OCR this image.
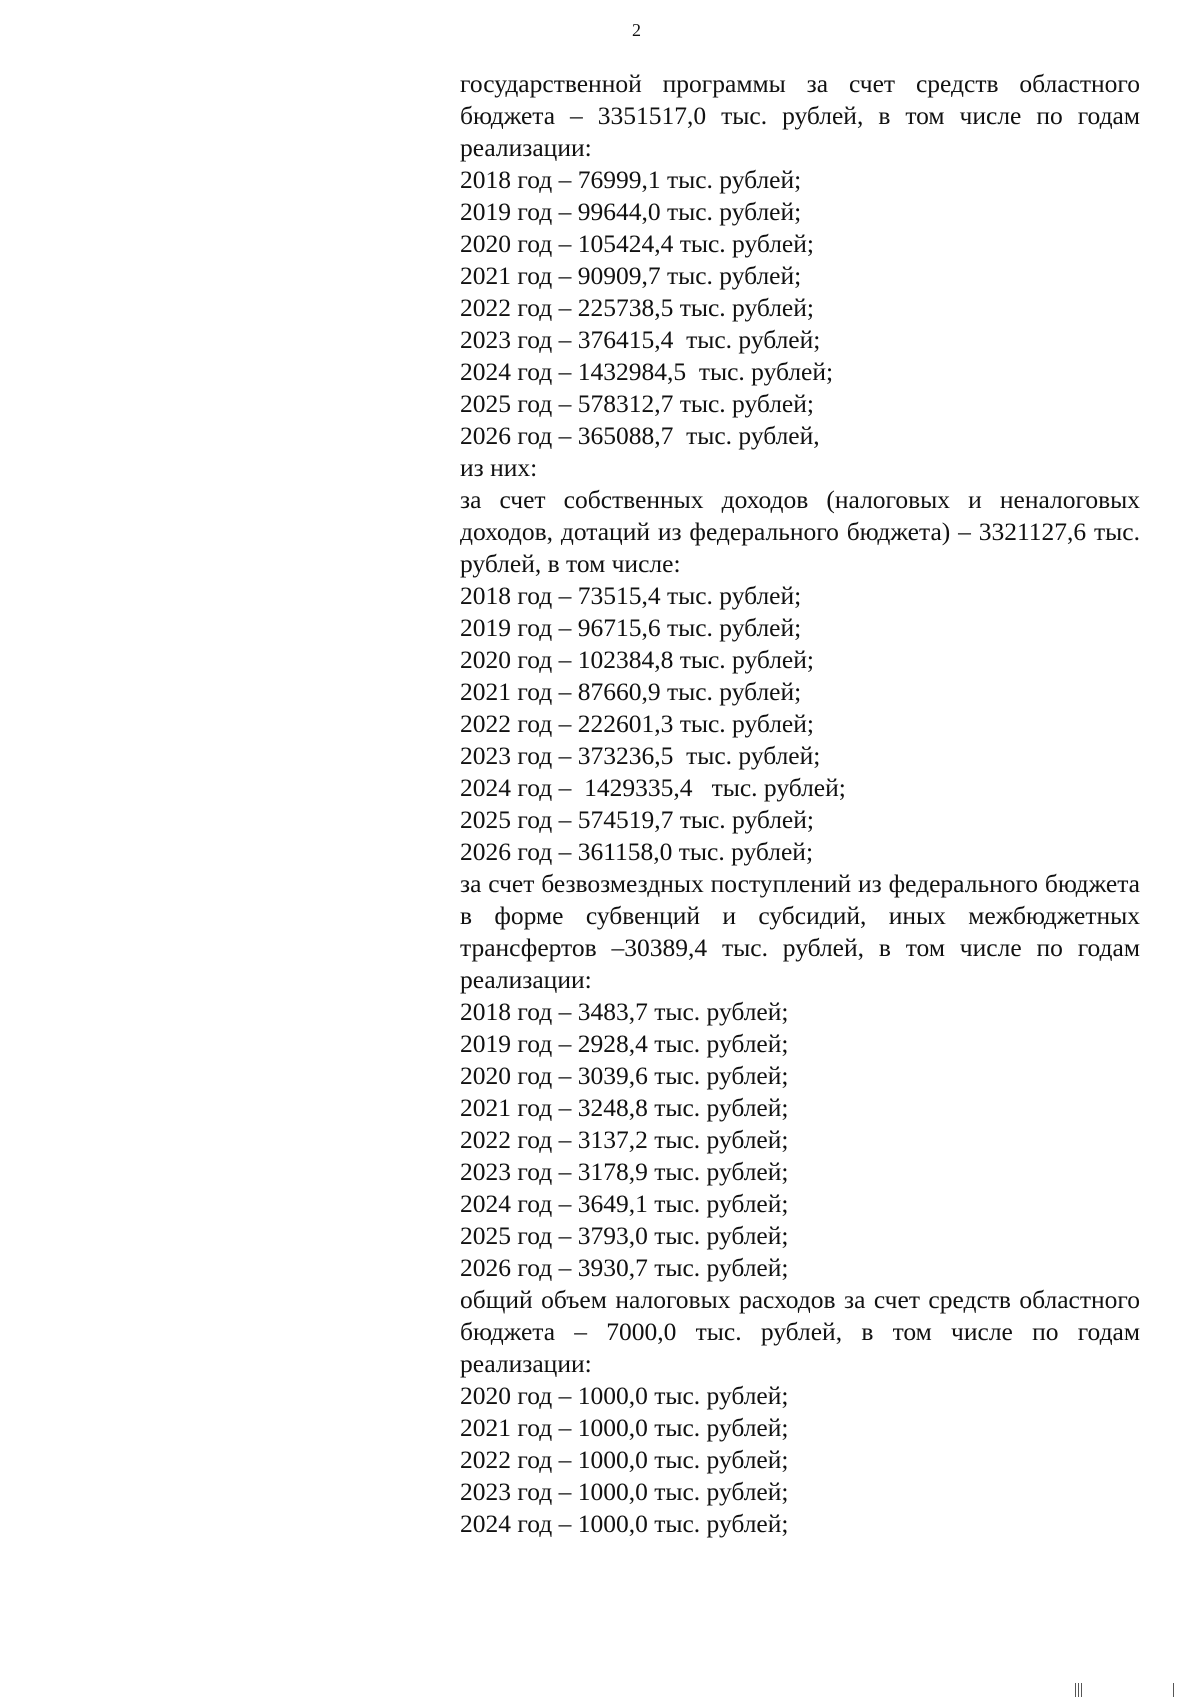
2
государственной программы за счет средств областного бюджета – 3351517,0 тыс. рублей, в том числе по годам реализации:
2018 год – 76999,1 тыс. рублей;
2019 год – 99644,0 тыс. рублей;
2020 год – 105424,4 тыс. рублей;
2021 год – 90909,7 тыс. рублей;
2022 год – 225738,5 тыс. рублей;
2023 год – 376415,4  тыс. рублей;
2024 год – 1432984,5  тыс. рублей;
2025 год – 578312,7 тыс. рублей;
2026 год – 365088,7  тыс. рублей,
из них:
за счет собственных доходов (налоговых и неналоговых доходов, дотаций из федерального бюджета) – 3321127,6 тыс. рублей, в том числе:
2018 год – 73515,4 тыс. рублей;
2019 год – 96715,6 тыс. рублей;
2020 год – 102384,8 тыс. рублей;
2021 год – 87660,9 тыс. рублей;
2022 год – 222601,3 тыс. рублей;
2023 год – 373236,5  тыс. рублей;
2024 год –  1429335,4   тыс. рублей;
2025 год – 574519,7 тыс. рублей;
2026 год – 361158,0 тыс. рублей;
за счет безвозмездных поступлений из федерального бюджета в форме субвенций и субсидий, иных межбюджетных трансфертов –30389,4 тыс. рублей, в том числе по годам реализации:
2018 год – 3483,7 тыс. рублей;
2019 год – 2928,4 тыс. рублей;
2020 год – 3039,6 тыс. рублей;
2021 год – 3248,8 тыс. рублей;
2022 год – 3137,2 тыс. рублей;
2023 год – 3178,9 тыс. рублей;
2024 год – 3649,1 тыс. рублей;
2025 год – 3793,0 тыс. рублей;
2026 год – 3930,7 тыс. рублей;
общий объем налоговых расходов за счет средств областного бюджета – 7000,0 тыс. рублей, в том числе по годам реализации:
2020 год – 1000,0 тыс. рублей;
2021 год – 1000,0 тыс. рублей;
2022 год – 1000,0 тыс. рублей;
2023 год – 1000,0 тыс. рублей;
2024 год – 1000,0 тыс. рублей;
